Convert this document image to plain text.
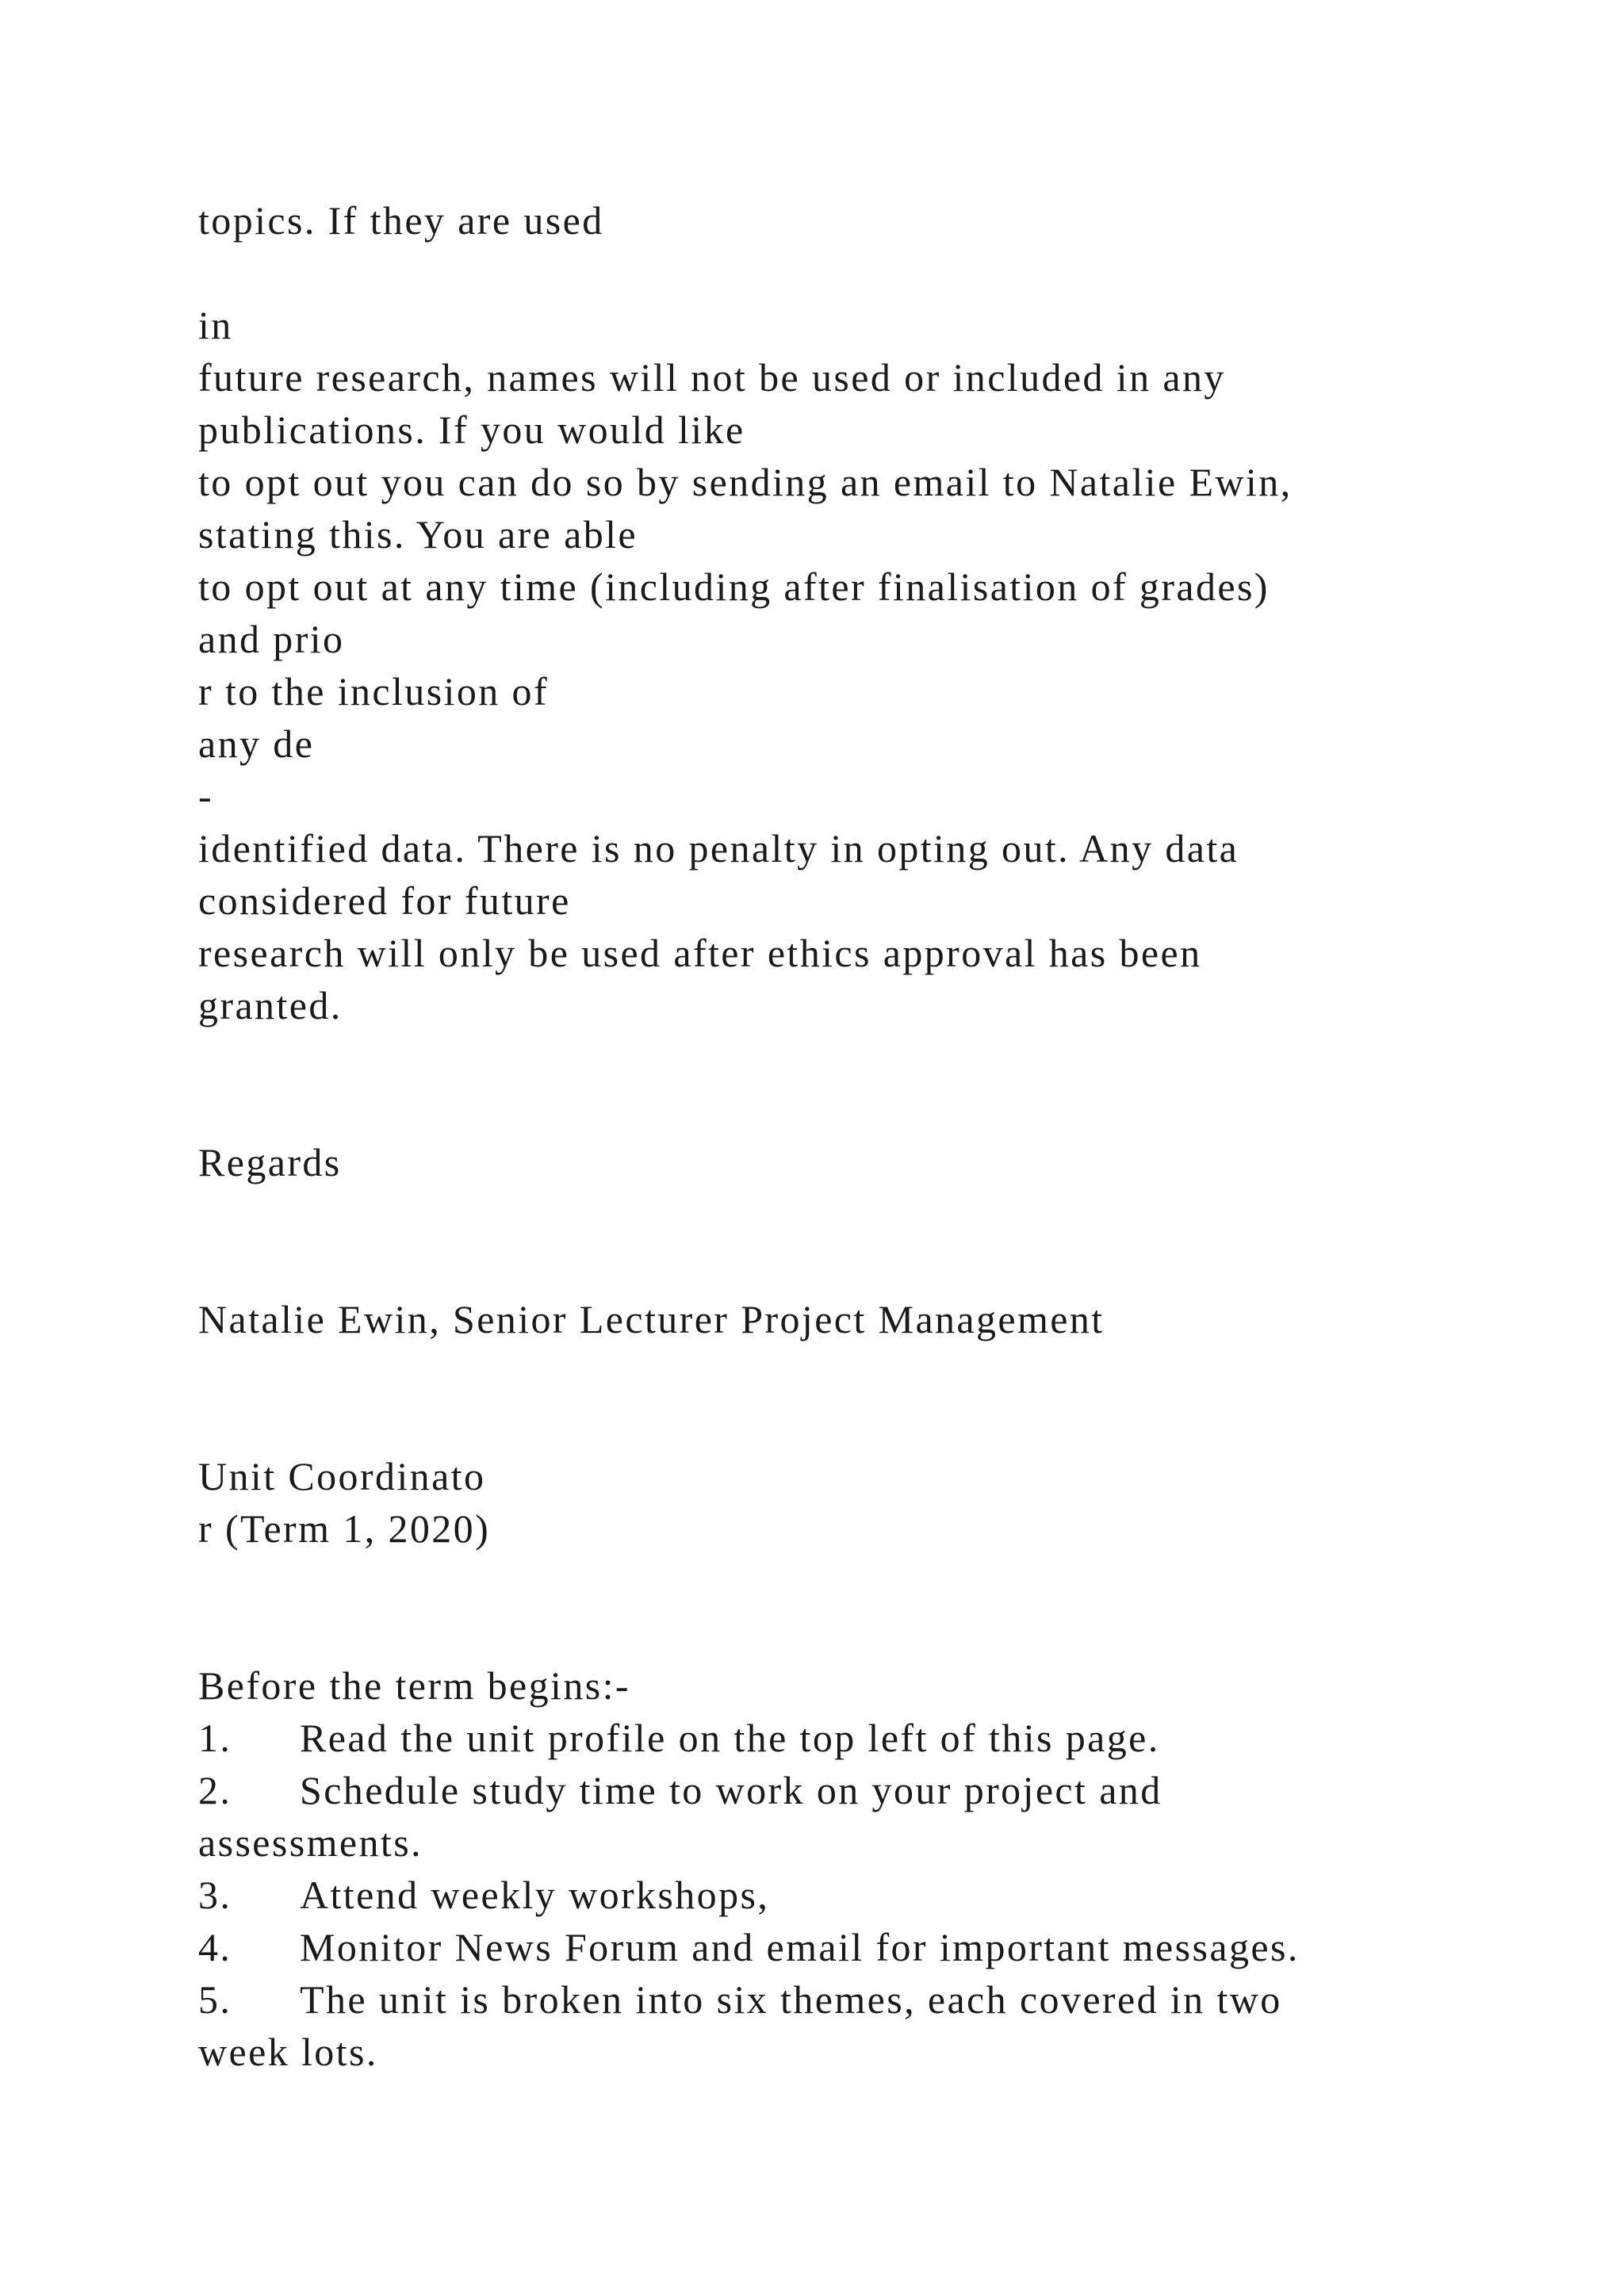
topics. If they are used
in
future research, names will not be used or included in any
publications. If you would like
to opt out you can do so by sending an email to Natalie Ewin,
stating this. You are able
to opt out at any time (including after finalisation of grades)
and prio
r to the inclusion of
any de
-
identified data. There is no penalty in opting out. Any data
considered for future
research will only be used after ethics approval has been
granted.
Regards
Natalie Ewin, Senior Lecturer Project Management
Unit Coordinato
r (Term 1, 2020)
Before the term begins:-
1. Read the unit profile on the top left of this page.
2. Schedule study time to work on your project and
assessments.
3. Attend weekly workshops,
4. Monitor News Forum and email for important messages.
5. The unit is broken into six themes, each covered in two
week lots.
